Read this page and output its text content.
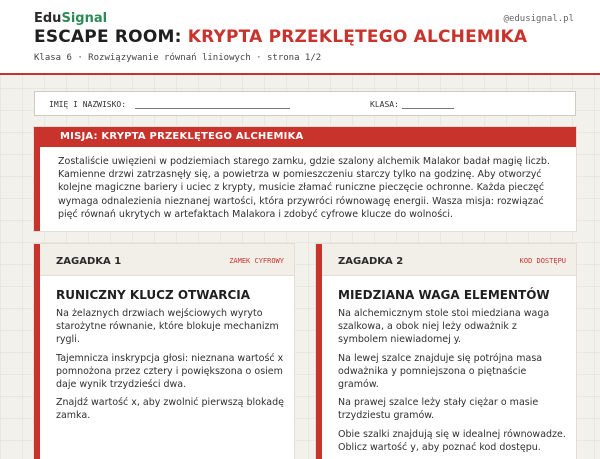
EduSignal	@edusignal.pl
ESCAPE ROOM: KRYPTA PRZEKLĘTEGO ALCHEMIKA
Klasa 6 · Rozwiązywanie równań liniowych · strona 1/2
IMIĘ I NAZWISKO:	KLASA:
MISJA: KRYPTA PRZEKLĘTEGO ALCHEMIKA
Zostaliście uwięzieni w podziemiach starego zamku, gdzie szalony alchemik Malakor badał magię liczb. Kamienne drzwi zatrzasnęły się, a powietrza w pomieszczeniu starczy tylko na godzinę. Aby otworzyć kolejne magiczne bariery i uciec z krypty, musicie złamać runiczne pieczęcie ochronne. Każda pieczęć wymaga odnalezienia nieznanej wartości, która przywróci równowagę energii. Wasza misja: rozwiązać pięć równań ukrytych w artefaktach Malakora i zdobyć cyfrowe klucze do wolności.
ZAGADKA 1	ZAMEK CYFROWY
RUNICZNY KLUCZ OTWARCIA

Na żelaznych drzwiach wejściowych wyryto starożytne równanie, które blokuje mechanizm rygli.

Tajemnicza inskrypcja głosi: nieznana wartość x pomnożona przez cztery i powiększona o osiem daje wynik trzydzieści dwa.

Znajdź wartość x, aby zwolnić pierwszą blokadę zamka.

ZAGADKA 2	KOD DOSTĘPU
MIEDZIANA WAGA ELEMENTÓW

Na alchemicznym stole stoi miedziana waga szalkowa, a obok niej leży odważnik z symbolem niewiadomej y.

Na lewej szalce znajduje się potrójna masa odważnika y pomniejszona o piętnaście gramów.

Na prawej szalce leży stały ciężar o masie trzydziestu gramów.

Obie szalki znajdują się w idealnej równowadze. Oblicz wartość y, aby poznać kod dostępu.
